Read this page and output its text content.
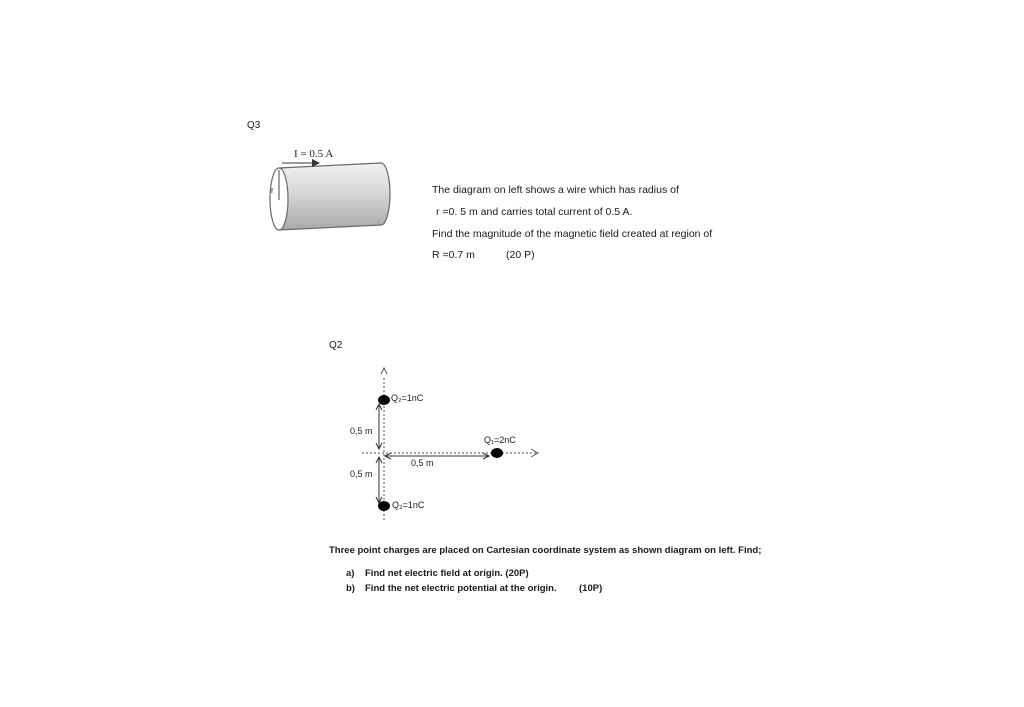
Q3
I = 0.5 A
r	The diagram on left shows a wire which has radius of
r =0. 5 m and carries total current of 0.5 A.
Find the magnitude of the magnetic field created at region of
R =0.7 m	(20 P)
Q2
Q₂=1nC
Q₁=2nC
Q₃=1nC
0,5 m
0,5 m
0,5 m
Three point charges are placed on Cartesian coordinate system as shown diagram on left. Find;
a) Find net electric field at origin. (20P)
b) Find the net electric potential at the origin. (10P)
